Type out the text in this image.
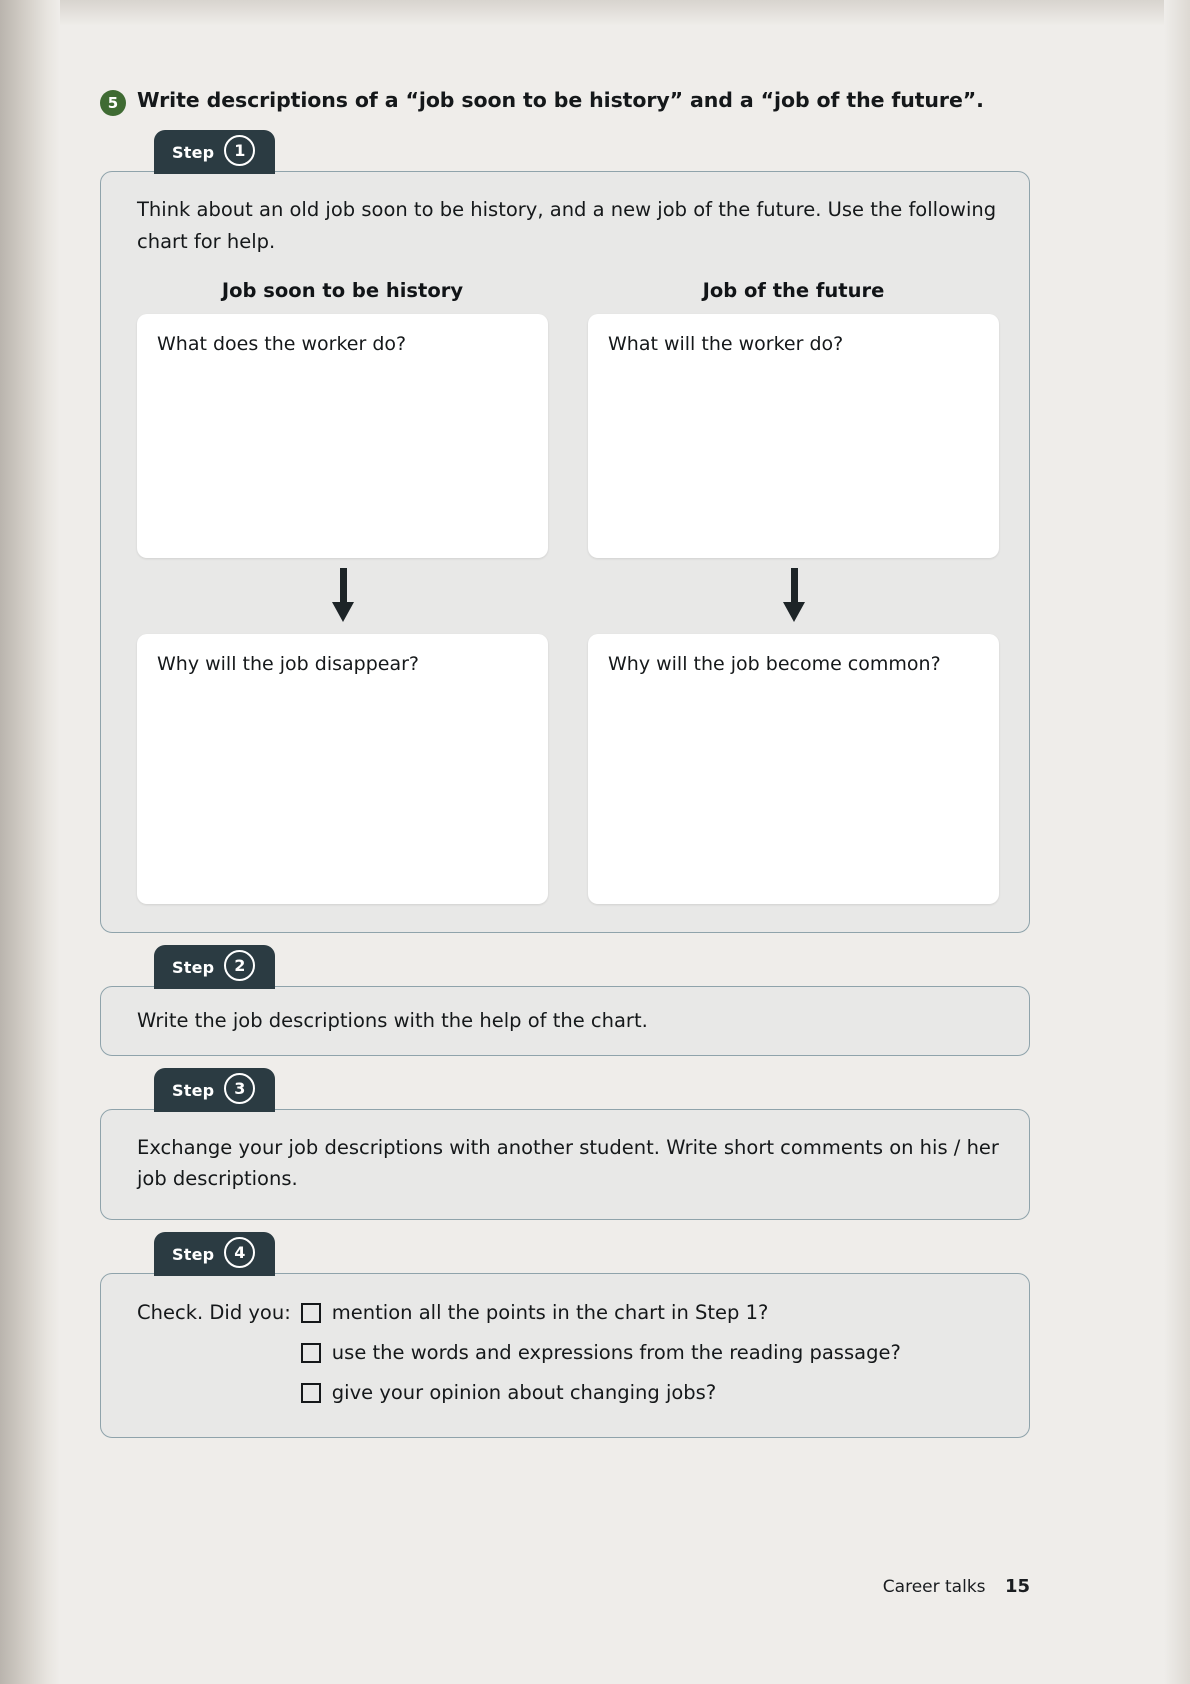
5 Write descriptions of a “job soon to be history” and a “job of the future”.
Step	1
Think about an old job soon to be history, and a new job of the future. Use the following chart for help.
Job soon to be history	Job of the future
What does the worker do?	What will the worker do?
Why will the job disappear?	Why will the job become common?
Step	2
Write the job descriptions with the help of the chart.
Step	3
Exchange your job descriptions with another student. Write short comments on his / her job descriptions.
Step	4
Check. Did you:	mention all the points in the chart in Step 1?
use the words and expressions from the reading passage?
give your opinion about changing jobs?
Career talks 15
